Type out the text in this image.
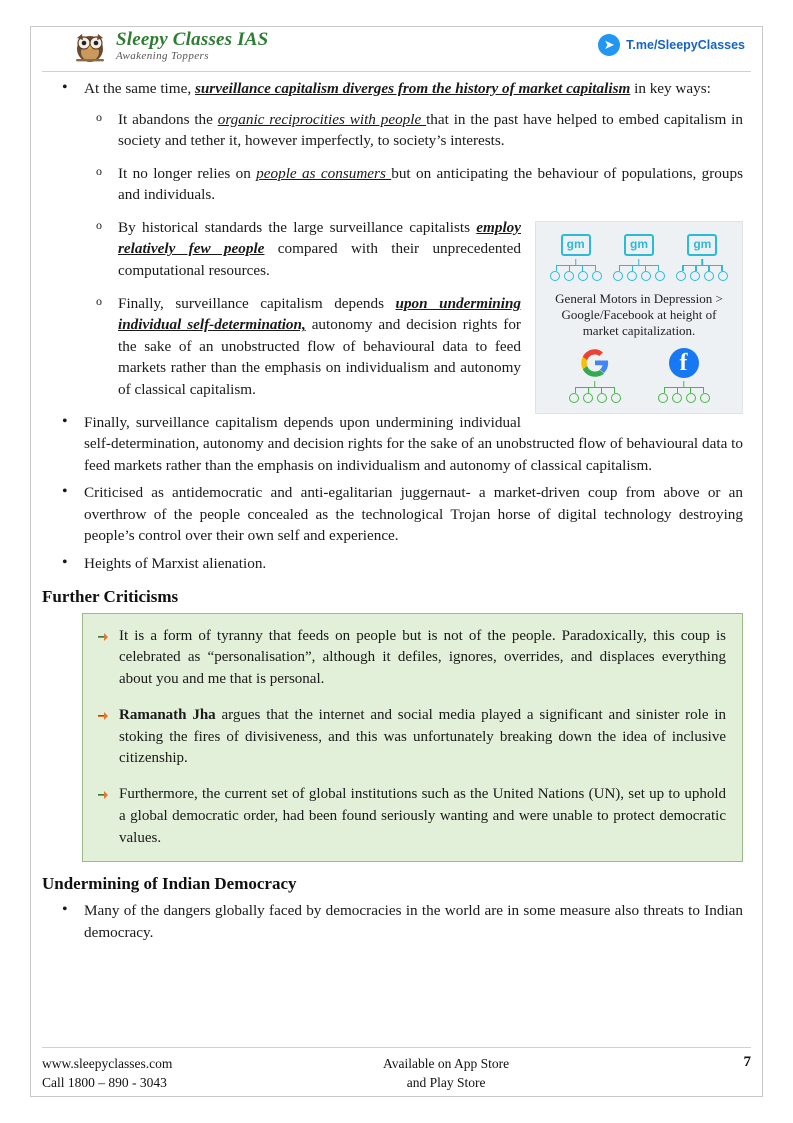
Sleepy Classes IAS
Awakening Toppers
➤ T.me/SleepyClasses
• At the same time, surveillance capitalism diverges from the history of market capitalism in key ways:
o It abandons the organic reciprocities with people that in the past have helped to embed capitalism in society and tether it, however imperfectly, to society’s interests.
o It no longer relies on people as consumers but on anticipating the behaviour of populations, groups and individuals.
o gm	gm	gm
General Motors in Depression > Google/Facebook at height of market capitalization.
f
By historical standards the large surveillance capitalists employ relatively few people compared with their unprecedented computational resources.
o Finally, surveillance capitalism depends upon undermining individual self-determination, autonomy and decision rights for the sake of an unobstructed flow of behavioural data to feed markets rather than the emphasis on individualism and autonomy of classical capitalism.
• Finally, surveillance capitalism depends upon undermining individual self-determination, autonomy and decision rights for the sake of an unobstructed flow of behavioural data to feed markets rather than the emphasis on individualism and autonomy of classical capitalism.
• Criticised as antidemocratic and anti-egalitarian juggernaut- a market-driven coup from above or an overthrow of the people concealed as the technological Trojan horse of digital technology destroying people’s control over their own self and experience.
• Heights of Marxist alienation.
Further Criticisms
It is a form of tyranny that feeds on people but is not of the people. Paradoxically, this coup is celebrated as “personalisation”, although it defiles, ignores, overrides, and displaces everything about you and me that is personal.
Ramanath Jha argues that the internet and social media played a significant and sinister role in stoking the fires of divisiveness, and this was unfortunately breaking down the idea of inclusive citizenship.
Furthermore, the current set of global institutions such as the United Nations (UN), set up to uphold a global democratic order, had been found seriously wanting and were unable to protect democratic values.
Undermining of Indian Democracy
• Many of the dangers globally faced by democracies in the world are in some measure also threats to Indian democracy.
www.sleepyclasses.com
Call 1800 – 890 - 3043
Available on App Store
and Play Store
7
